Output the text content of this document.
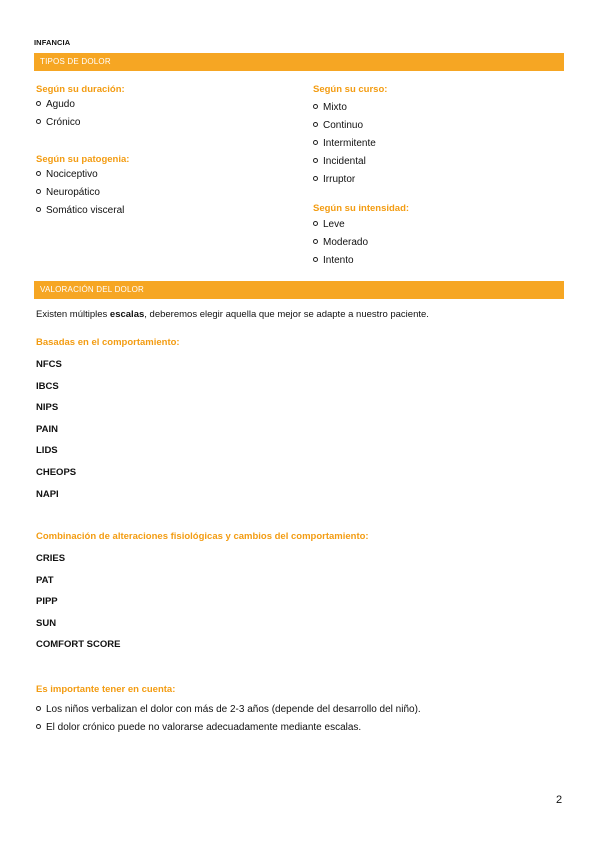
INFANCIA
TIPOS DE DOLOR
Según su duración:
Agudo
Crónico
Según su patogenia:
Nociceptivo
Neuropático
Somático visceral
Según su curso:
Mixto
Continuo
Intermitente
Incidental
Irruptor
Según su intensidad:
Leve
Moderado
Intento
VALORACIÓN DEL DOLOR
Existen múltiples escalas, deberemos elegir aquella que mejor se adapte a nuestro paciente.
Basadas en el comportamiento:
NFCS
IBCS
NIPS
PAIN
LIDS
CHEOPS
NAPI
Combinación de alteraciones fisiológicas y cambios del comportamiento:
CRIES
PAT
PIPP
SUN
COMFORT SCORE
Es importante tener en cuenta:
Los niños verbalizan el dolor con más de 2-3 años (depende del desarrollo del niño).
El dolor crónico puede no valorarse adecuadamente mediante escalas.
2
